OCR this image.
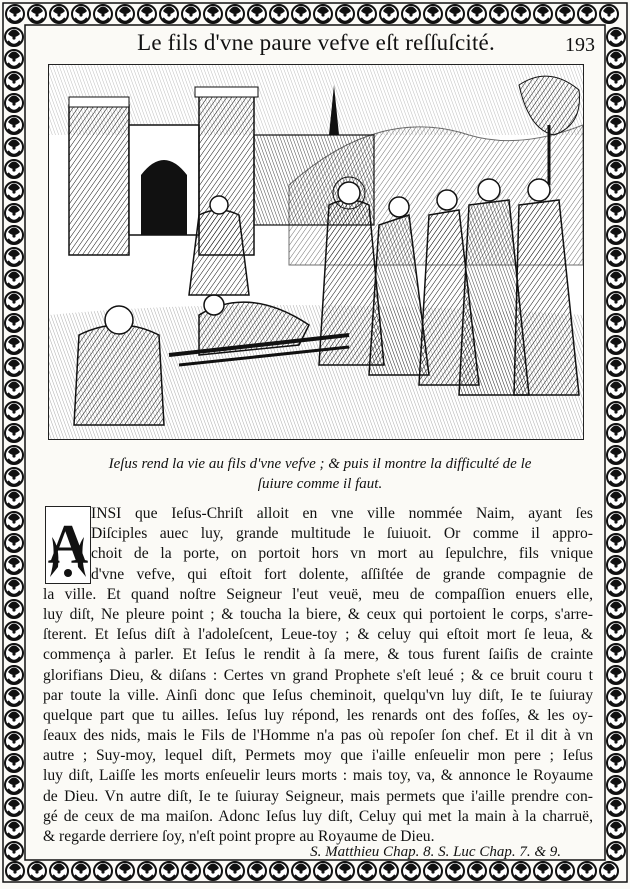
Le fils d'vne paure vefve eſt reſſuſcité.	193
Ieſus rend la vie au fils d'vne vefve ; & puis il montre la difficulté de le
ſuiure comme il faut.
A
INSI que Ieſus-Chriſt alloit en vne ville nommée Naim, ayant ſes
Diſciples auec luy, grande multitude le ſuiuoit. Or comme il appro-
choit de la porte, on portoit hors vn mort au ſepulchre, fils vnique
d'vne vefve, qui eſtoit fort dolente, aſſiſtée de grande compagnie de
la ville. Et quand noſtre Seigneur l'eut veuë, meu de compaſſion enuers elle,
luy diſt, Ne pleure point ; & toucha la biere, & ceux qui portoient le corps, s'arre-
ſterent. Et Ieſus diſt à l'adoleſcent, Leue-toy ; & celuy qui eſtoit mort ſe leua, &
commença à parler. Et Ieſus le rendit à ſa mere, & tous furent ſaiſis de crainte
glorifians Dieu, & diſans : Certes vn grand Prophete s'eſt leué ; & ce bruit couru t
par toute la ville. Ainſi donc que Ieſus cheminoit, quelqu'vn luy diſt, Ie te ſuiuray
quelque part que tu ailles. Ieſus luy répond, les renards ont des foſſes, & les oy-
ſeaux des nids, mais le Fils de l'Homme n'a pas où repoſer ſon chef. Et il dit à vn
autre ; Suy-moy, lequel diſt, Permets moy que i'aille enſeuelir mon pere ; Ieſus
luy diſt, Laiſſe les morts enſeuelir leurs morts : mais toy, va, & annonce le Royaume
de Dieu. Vn autre diſt, Ie te ſuiuray Seigneur, mais permets que i'aille prendre con-
gé de ceux de ma maiſon. Adonc Ieſus luy diſt, Celuy qui met la main à la charruë,
& regarde derriere ſoy, n'eſt point propre au Royaume de Dieu.
S. Matthieu Chap. 8. S. Luc Chap. 7. & 9.
